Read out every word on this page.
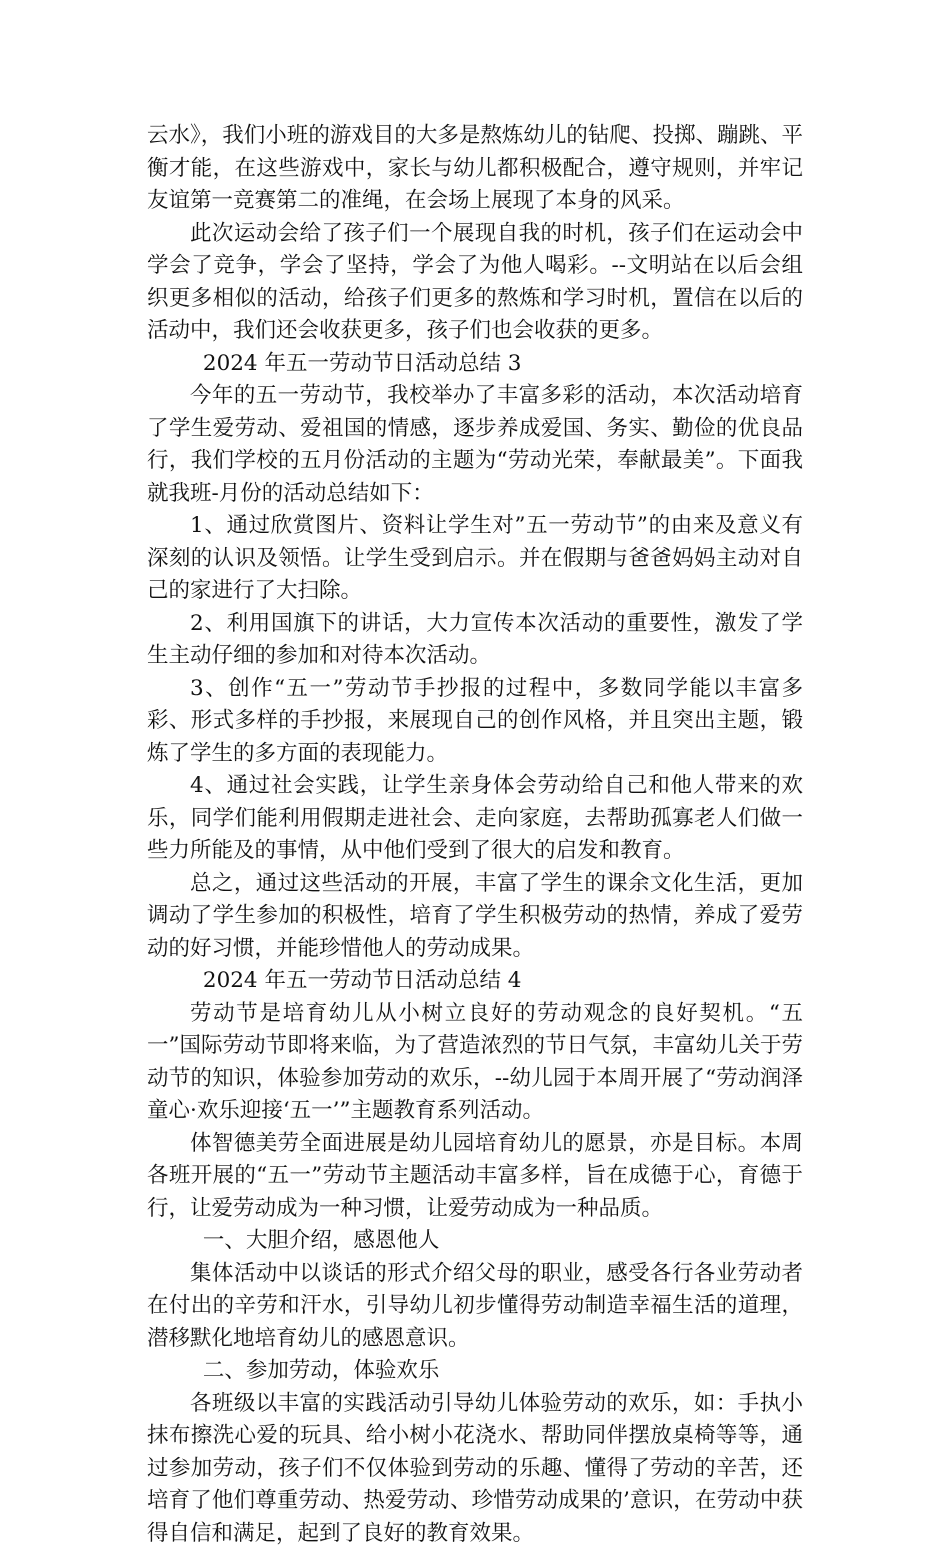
云水》，我们小班的游戏目的大多是熬炼幼儿的钻爬、投掷、蹦跳、平衡才能，在这些游戏中，家长与幼儿都积极配合，遵守规则，并牢记友谊第一竞赛第二的准绳，在会场上展现了本身的风采。

此次运动会给了孩子们一个展现自我的时机，孩子们在运动会中学会了竞争，学会了坚持，学会了为他人喝彩。--文明站在以后会组织更多相似的活动，给孩子们更多的熬炼和学习时机，置信在以后的活动中，我们还会收获更多，孩子们也会收获的更多。

2024 年五一劳动节日活动总结 3

今年的五一劳动节，我校举办了丰富多彩的活动，本次活动培育了学生爱劳动、爱祖国的情感，逐步养成爱国、务实、勤俭的优良品行，我们学校的五月份活动的主题为“劳动光荣，奉献最美”。下面我就我班-月份的活动总结如下：

1、通过欣赏图片、资料让学生对”五一劳动节”的由来及意义有深刻的认识及领悟。让学生受到启示。并在假期与爸爸妈妈主动对自己的家进行了大扫除。

2、利用国旗下的讲话，大力宣传本次活动的重要性，激发了学生主动仔细的参加和对待本次活动。

3、创作“五一”劳动节手抄报的过程中，多数同学能以丰富多彩、形式多样的手抄报，来展现自己的创作风格，并且突出主题，锻炼了学生的多方面的表现能力。

4、通过社会实践，让学生亲身体会劳动给自己和他人带来的欢乐，同学们能利用假期走进社会、走向家庭，去帮助孤寡老人们做一些力所能及的事情，从中他们受到了很大的启发和教育。

总之，通过这些活动的开展，丰富了学生的课余文化生活，更加调动了学生参加的积极性，培育了学生积极劳动的热情，养成了爱劳动的好习惯，并能珍惜他人的劳动成果。

2024 年五一劳动节日活动总结 4

劳动节是培育幼儿从小树立良好的劳动观念的良好契机。“五一”国际劳动节即将来临，为了营造浓烈的节日气氛，丰富幼儿关于劳动节的知识，体验参加劳动的欢乐，--幼儿园于本周开展了“劳动润泽童心·欢乐迎接‘五一’”主题教育系列活动。

体智德美劳全面进展是幼儿园培育幼儿的愿景，亦是目标。本周各班开展的“五一”劳动节主题活动丰富多样，旨在成德于心，育德于行，让爱劳动成为一种习惯，让爱劳动成为一种品质。

一、大胆介绍，感恩他人

集体活动中以谈话的形式介绍父母的职业，感受各行各业劳动者在付出的辛劳和汗水，引导幼儿初步懂得劳动制造幸福生活的道理，潜移默化地培育幼儿的感恩意识。

二、参加劳动，体验欢乐

各班级以丰富的实践活动引导幼儿体验劳动的欢乐，如：手执小抹布擦洗心爱的玩具、给小树小花浇水、帮助同伴摆放桌椅等等，通过参加劳动，孩子们不仅体验到劳动的乐趣、懂得了劳动的辛苦，还培育了他们尊重劳动、热爱劳动、珍惜劳动成果的’意识，在劳动中获得自信和满足，起到了良好的教育效果。
